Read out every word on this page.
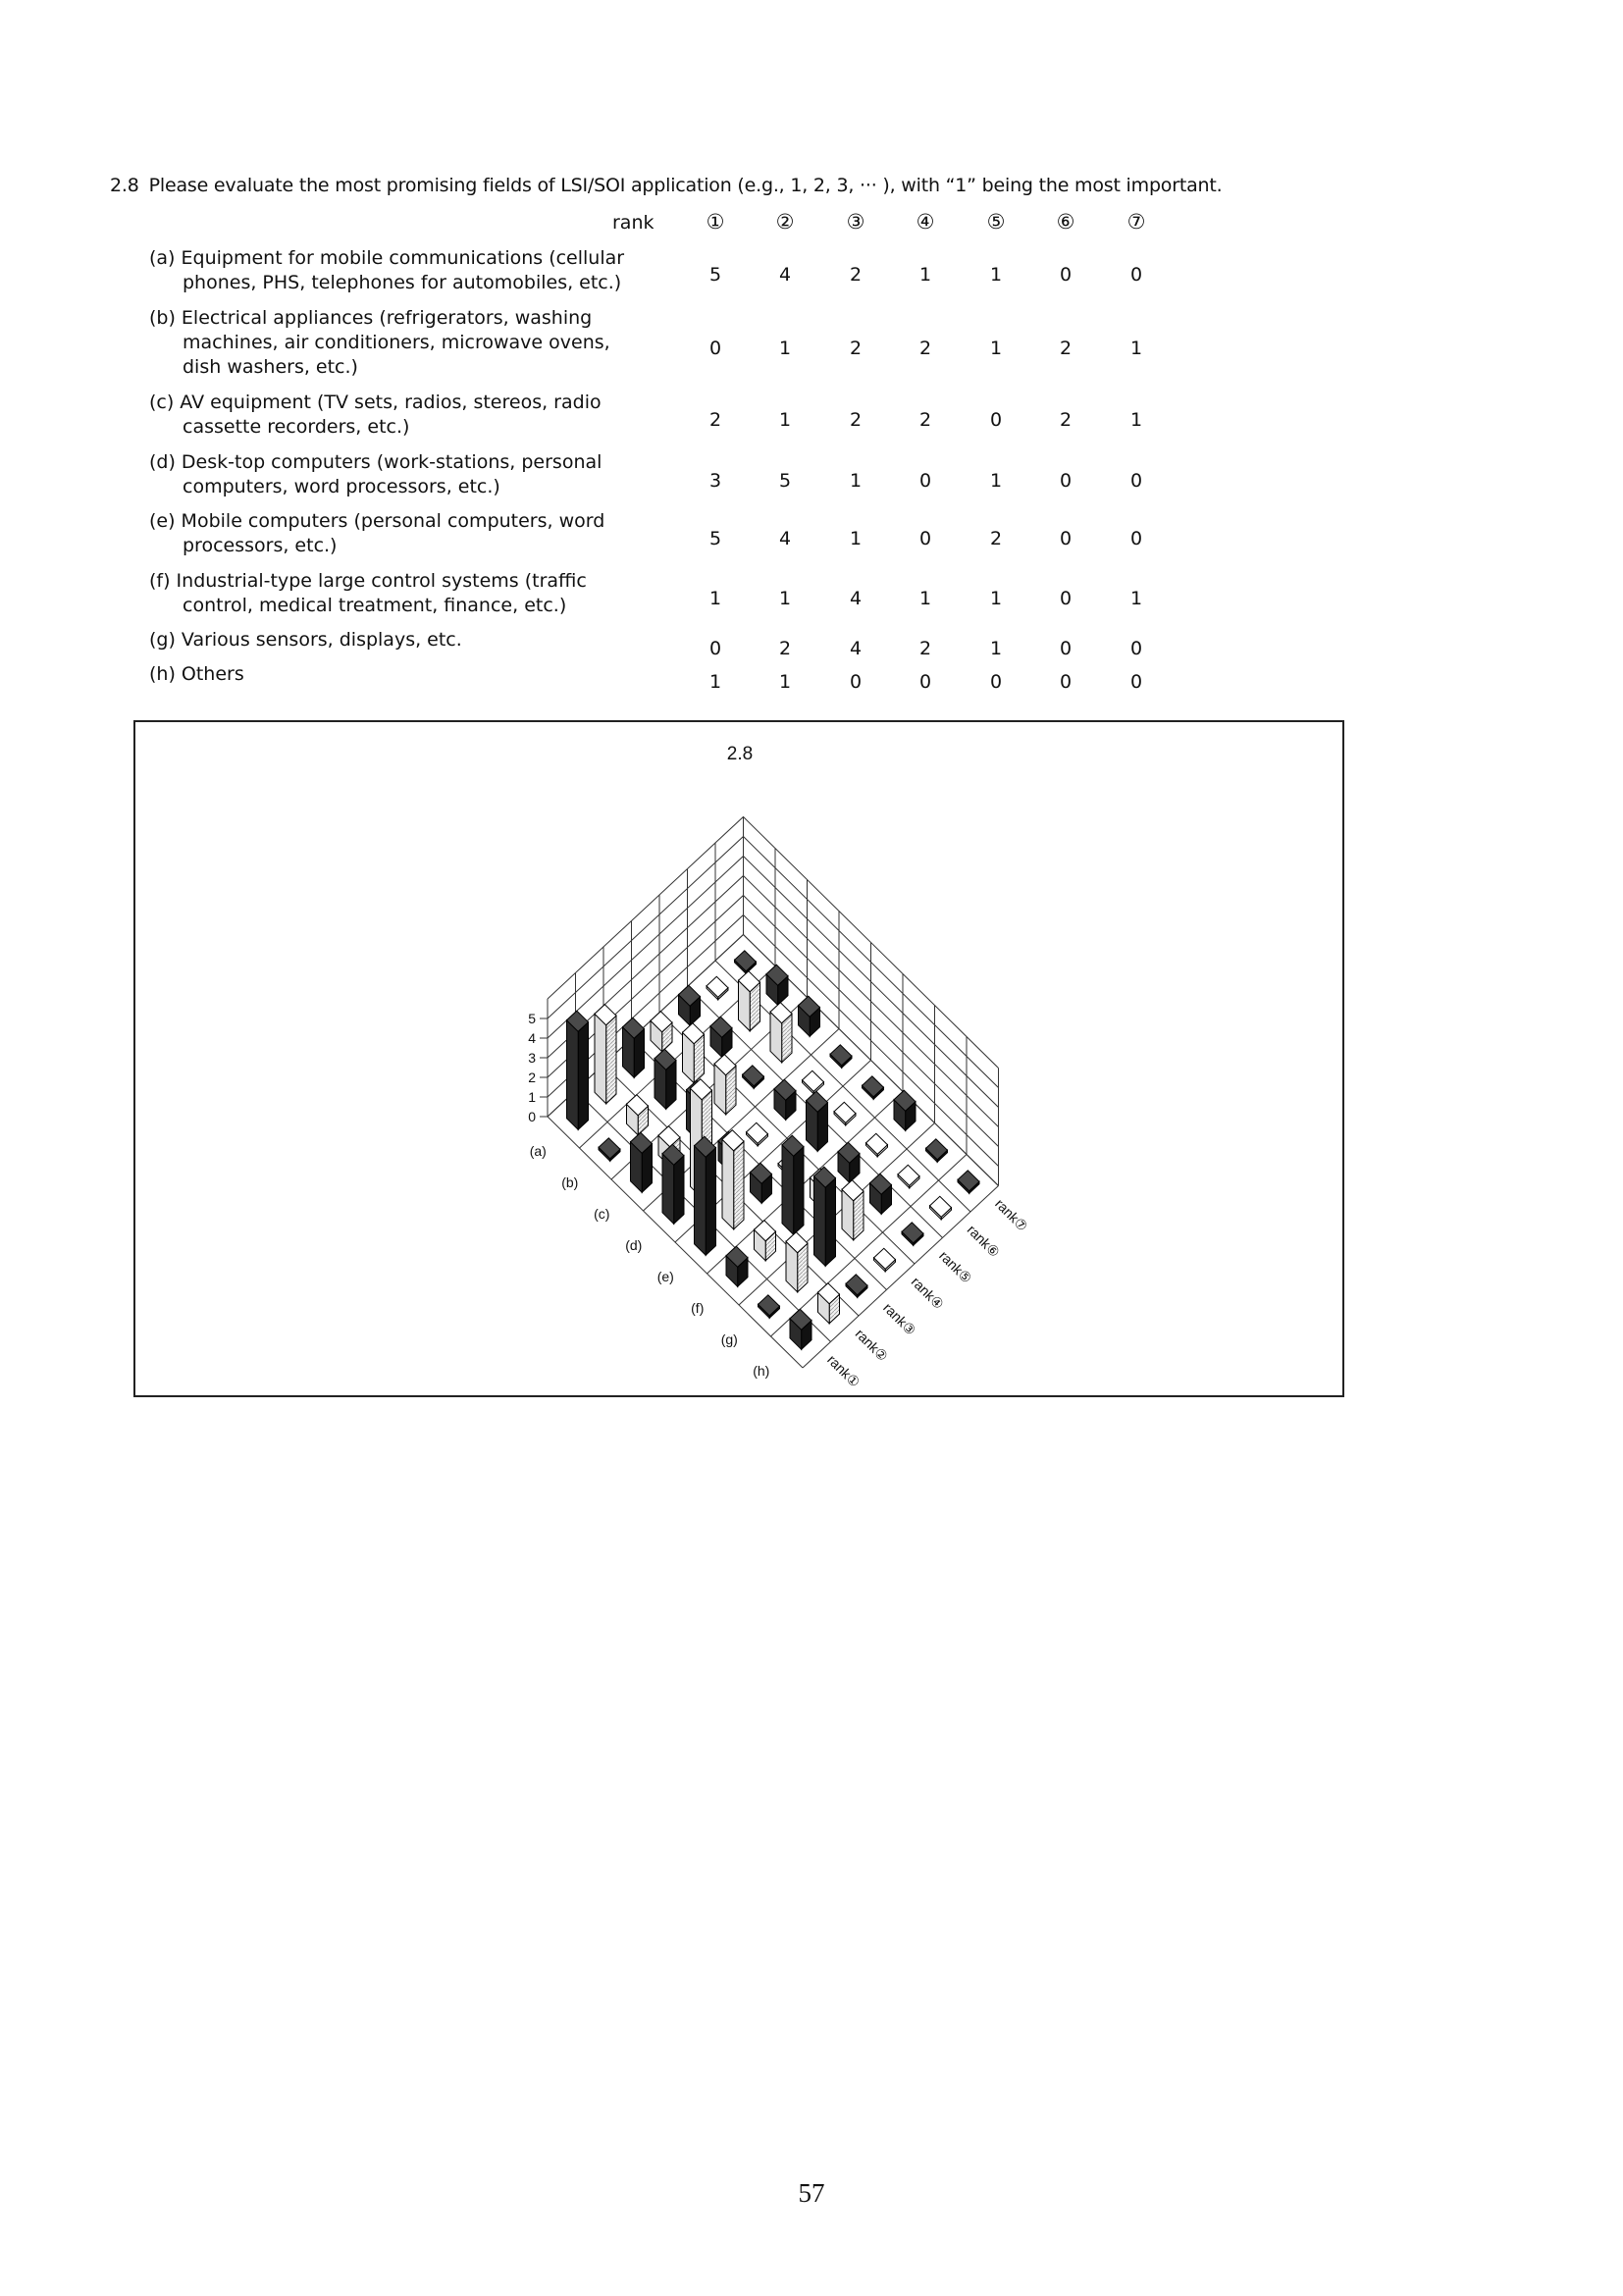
2.8 Please evaluate the most promising fields of LSI/SOI application (e.g., 1, 2, 3, ··· ), with “1” being the most important.
rank	①	②	③	④	⑤	⑥	⑦
(a) Equipment for mobile communications (cellular
phones, PHS, telephones for automobiles, etc.)	5	4	2	1	1	0	0
(b) Electrical appliances (refrigerators, washing
machines, air conditioners, microwave ovens,
dish washers, etc.)
0	1	2	2	1	2	1
(c) AV equipment (TV sets, radios, stereos, radio
cassette recorders, etc.)	2	1	2	2	0	2	1
(d) Desk-top computers (work-stations, personal
computers, word processors, etc.)	3	5	1	0	1	0	0
(e) Mobile computers (personal computers, word
processors, etc.)	5	4	1	0	2	0	0
(f) Industrial-type large control systems (traffic
control, medical treatment, finance, etc.)	1	1	4	1	1	0	1
(g) Various sensors, displays, etc.	0	2	4	2	1	0	0
(h) Others	1	1	0	0	0	0	0
2.8
0
1
2
3
4
5
(a)
(b)
(c)
(d)
(e)
(f)
(g)
(h)	rank①
rank②
rank③
rank④
rank⑤
rank⑥
rank⑦
57
